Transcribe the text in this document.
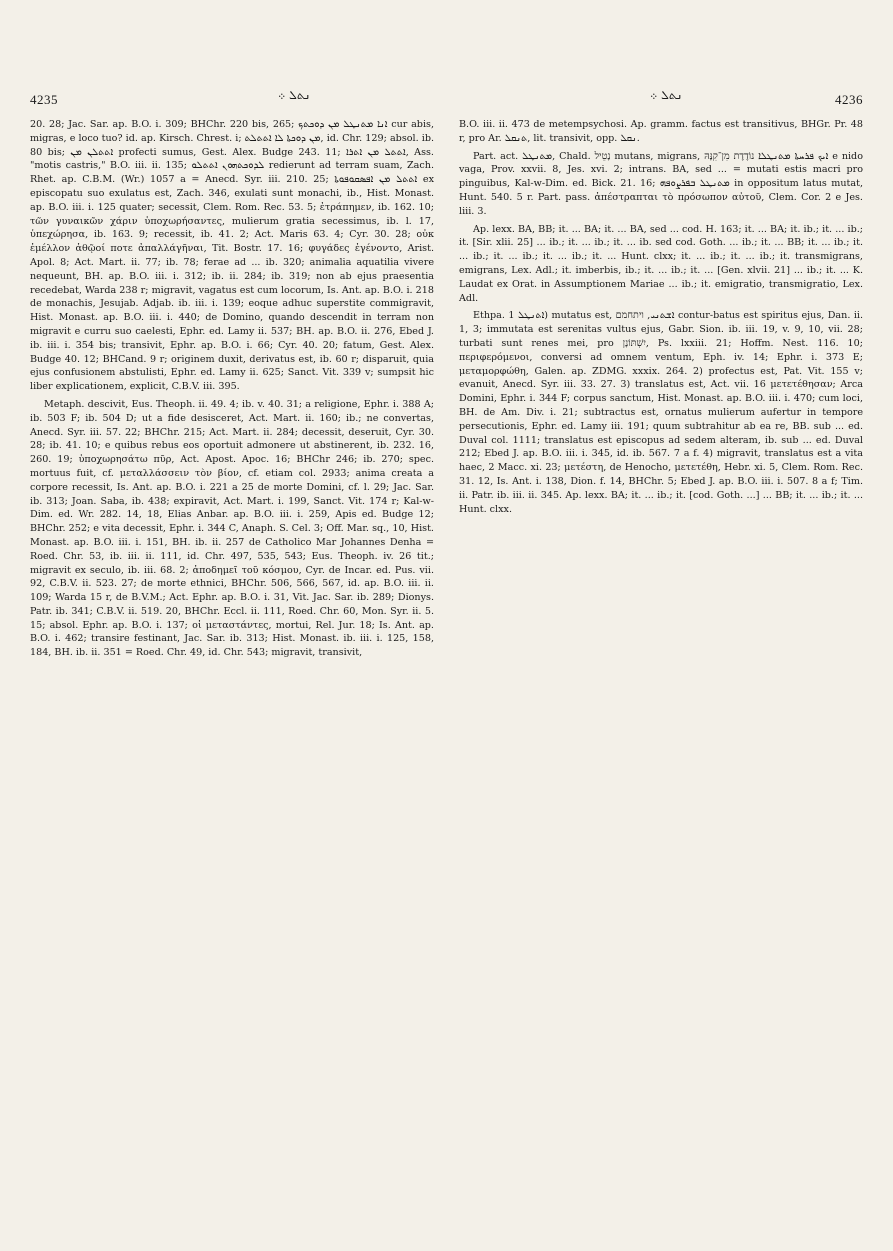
4235	ܢܬܠ ܀	ܢܬܠ ܀	4236

20. 28; Jac. Sar. ap. B.O. i. 309; BHChr. 220 bis, 265; ܐܢܐ ܡܬܢܛܠ ܡܢ ܕܘܟܬܟ cur abis, migras, e loco tuo? id. ap. Kirsch. Chrest. i; ܡܢ ܕܘܟܬܐ ܠܐ ܐܬܬܠܬ, id. Chr. 129; absol. ib. 80 bis; ܐܬܬܠܢ ܡܢ profecti sumus, Gest. Alex. Budge 243. 11; ܐܬܬܠ ܡܢ ܐܬܪܐ, Ass. "motis castris," B.O. iii. ii. 135; ܠܕܘܟܬܗܘܢ ܐܬܬܠܘ redierunt ad terram suam, Zach. Rhet. ap. C.B.M. (Wr.) 1057 a = Anecd. Syr. iii. 210. 25; ܐܬܬܠ ܡܢ ܐܦܣܩܘܦܘܬܐ ex episcopatu suo exulatus est, Zach. 346, exulati sunt monachi, ib., Hist. Monast. ap. B.O. iii. i. 125 quater; secessit, Clem. Rom. Rec. 53. 5; ἐτράπημεν, ib. 162. 10; τῶν γυναικῶν χάριν ὑποχωρήσαντες, mulierum gratia secessimus, ib. l. 17, ὑπεχώρησα, ib. 163. 9; recessit, ib. 41. 2; Act. Maris 63. 4; Cyr. 30. 28; οὐκ ἐμέλλον ἀθῷοί ποτε ἀπαλλάγῆναι, Tit. Bostr. 17. 16; φυγάδες ἐγένοντο, Arist. Apol. 8; Act. Mart. ii. 77; ib. 78; ferae ad ... ib. 320; animalia aquatilia vivere nequeunt, BH. ap. B.O. iii. i. 312; ib. ii. 284; ib. 319; non ab ejus praesentia recedebat, Warda 238 r; migravit, vagatus est cum locorum, Is. Ant. ap. B.O. i. 218 de monachis, Jesujab. Adjab. ib. iii. i. 139; eoque adhuc superstite commigravit, Hist. Monast. ap. B.O. iii. i. 440; de Domino, quando descendit in terram non migravit e curru suo caelesti, Ephr. ed. Lamy ii. 537; BH. ap. B.O. ii. 276, Ebed J. ib. iii. i. 354 bis; transivit, Ephr. ap. B.O. i. 66; Cyr. 40. 20; fatum, Gest. Alex. Budge 40. 12; BHCand. 9 r; originem duxit, derivatus est, ib. 60 r; disparuit, quia ejus confusionem abstulisti, Ephr. ed. Lamy ii. 625; Sanct. Vit. 339 v; sumpsit hic liber explicationem, explicit, C.B.V. iii. 395.

Metaph. descivit, Eus. Theoph. ii. 49. 4; ib. v. 40. 31; a religione, Ephr. i. 388 A; ib. 503 F; ib. 504 D; ut a fide desisceret, Act. Mart. ii. 160; ib.; ne convertas, Anecd. Syr. iii. 57. 22; BHChr. 215; Act. Mart. ii. 284; decessit, deseruit, Cyr. 30. 28; ib. 41. 10; e quibus rebus eos oportuit admonere ut abstinerent, ib. 232. 16, 260. 19; ὑποχωρησάτω πῦρ, Act. Apost. Apoc. 16; BHChr 246; ib. 270; spec. mortuus fuit, cf. μεταλλάσσειν τὸν βίον, cf. etiam col. 2933; anima creata a corpore recessit, Is. Ant. ap. B.O. i. 221 a 25 de morte Domini, cf. l. 29; Jac. Sar. ib. 313; Joan. Saba, ib. 438; expiravit, Act. Mart. i. 199, Sanct. Vit. 174 r; Kal-w-Dim. ed. Wr. 282. 14, 18, Elias Anbar. ap. B.O. iii. i. 259, Apis ed. Budge 12; BHChr. 252; e vita decessit, Ephr. i. 344 C, Anaph. S. Cel. 3; Off. Mar. sq., 10, Hist. Monast. ap. B.O. iii. i. 151, BH. ib. ii. 257 de Catholico Mar Johannes Denha = Roed. Chr. 53, ib. iii. ii. 111, id. Chr. 497, 535, 543; Eus. Theoph. iv. 26 tit.; migravit ex seculo, ib. iii. 68. 2; ἀποδημεῖ τοῦ κόσμου, Cyr. de Incar. ed. Pus. vii. 92, C.B.V. ii. 523. 27; de morte ethnici, BHChr. 506, 566, 567, id. ap. B.O. iii. ii. 109; Warda 15 r, de B.V.M.; Act. Ephr. ap. B.O. i. 31, Vit. Jac. Sar. ib. 289; Dionys. Patr. ib. 341; C.B.V. ii. 519. 20, BHChr. Eccl. ii. 111, Roed. Chr. 60, Mon. Syr. ii. 5. 15; absol. Ephr. ap. B.O. i. 137; οἱ μεταστάντες, mortui, Rel. Jur. 18; Is. Ant. ap. B.O. i. 462; transire festinant, Jac. Sar. ib. 313; Hist. Monast. ib. iii. i. 125, 158, 184, BH. ib. ii. 351 = Roed. Chr. 49, id. Chr. 543; migravit, transivit,

B.O. iii. ii. 473 de metempsychosi. Ap. gramm. factus est transitivus, BHGr. Pr. 48 r, pro Ar. ܬܢܩܠ, lit. transivit, opp. ܢܩܠ.

Part. act. ܡܬܢܛܠ, Chald. נָטֵיל mutans, migrans, ܐܝܟ ܦܪܚܬܐ ܡܬܢܛܠܐ נוֹדֶדֶת מִן־קִנָּהּ e nido vaga, Prov. xxvii. 8, Jes. xvi. 2; intrans. BA, sed ... = mutati estis macri pro pinguibus, Kal-w-Dim. ed. Bick. 21. 16; ܡܬܢܛܠ ܒܦܪܨܘܦܗ in oppositum latus mutat, Hunt. 540. 5 r. Part. pass. ἀπέστραπται τὸ πρόσωπον αὐτοῦ, Clem. Cor. 2 e Jes. liii. 3.

Ap. lexx. BA, BB; it. ... BA; it. ... BA, sed ... cod. H. 163; it. ... BA; it. ib.; it. ... ib.; it. [Sir. xlii. 25] ... ib.; it. ... ib.; it. ... ib. sed cod. Goth. ... ib.; it. ... BB; it. ... ib.; it. ... ib.; it. ... ib.; it. ... ib.; it. ... Hunt. clxx; it. ... ib.; it. ... ib.; it. transmigrans, emigrans, Lex. Adl.; it. imberbis, ib.; it. ... ib.; it. ... [Gen. xlvii. 21] ... ib.; it. ... K. Laudat ex Orat. in Assumptionem Mariae ... ib.; it. emigratio, transmigratio, Lex. Adl.

Ethpa. ܐܬܢܛܠ 1) mutatus est, ܐܫܬܢܝ, ויתחמם contur-batus est spiritus ejus, Dan. ii. 1, 3; immutata est serenitas vultus ejus, Gabr. Sion. ib. iii. 19, v. 9, 10, vii. 28; turbati sunt renes mei, pro יִשְׁתּוֹנָן, Ps. lxxiii. 21; Hoffm. Nest. 116. 10; περιφερόμενοι, conversi ad omnem ventum, Eph. iv. 14; Ephr. i. 373 E; μεταμορφώθη, Galen. ap. ZDMG. xxxix. 264. 2) profectus est, Pat. Vit. 155 v; evanuit, Anecd. Syr. iii. 33. 27. 3) translatus est, Act. vii. 16 μετετέθησαν; Arca Domini, Ephr. i. 344 F; corpus sanctum, Hist. Monast. ap. B.O. iii. i. 470; cum loci, BH. de Am. Div. i. 21; subtractus est, ornatus mulierum aufertur in tempore persecutionis, Ephr. ed. Lamy iii. 191; quum subtrahitur ab ea re, BB. sub ... ed. Duval col. 1111; translatus est episcopus ad sedem alteram, ib. sub ... ed. Duval 212; Ebed J. ap. B.O. iii. i. 345, id. ib. 567. 7 a f. 4) migravit, translatus est a vita haec, 2 Macc. xi. 23; μετέστη, de Henocho, μετετέθη, Hebr. xi. 5, Clem. Rom. Rec. 31. 12, Is. Ant. i. 138, Dion. f. 14, BHChr. 5; Ebed J. ap. B.O. iii. i. 507. 8 a f; Tim. ii. Patr. ib. iii. ii. 345. Ap. lexx. BA; it. ... ib.; it. [cod. Goth. ...] ... BB; it. ... ib.; it. ... Hunt. clxx.
